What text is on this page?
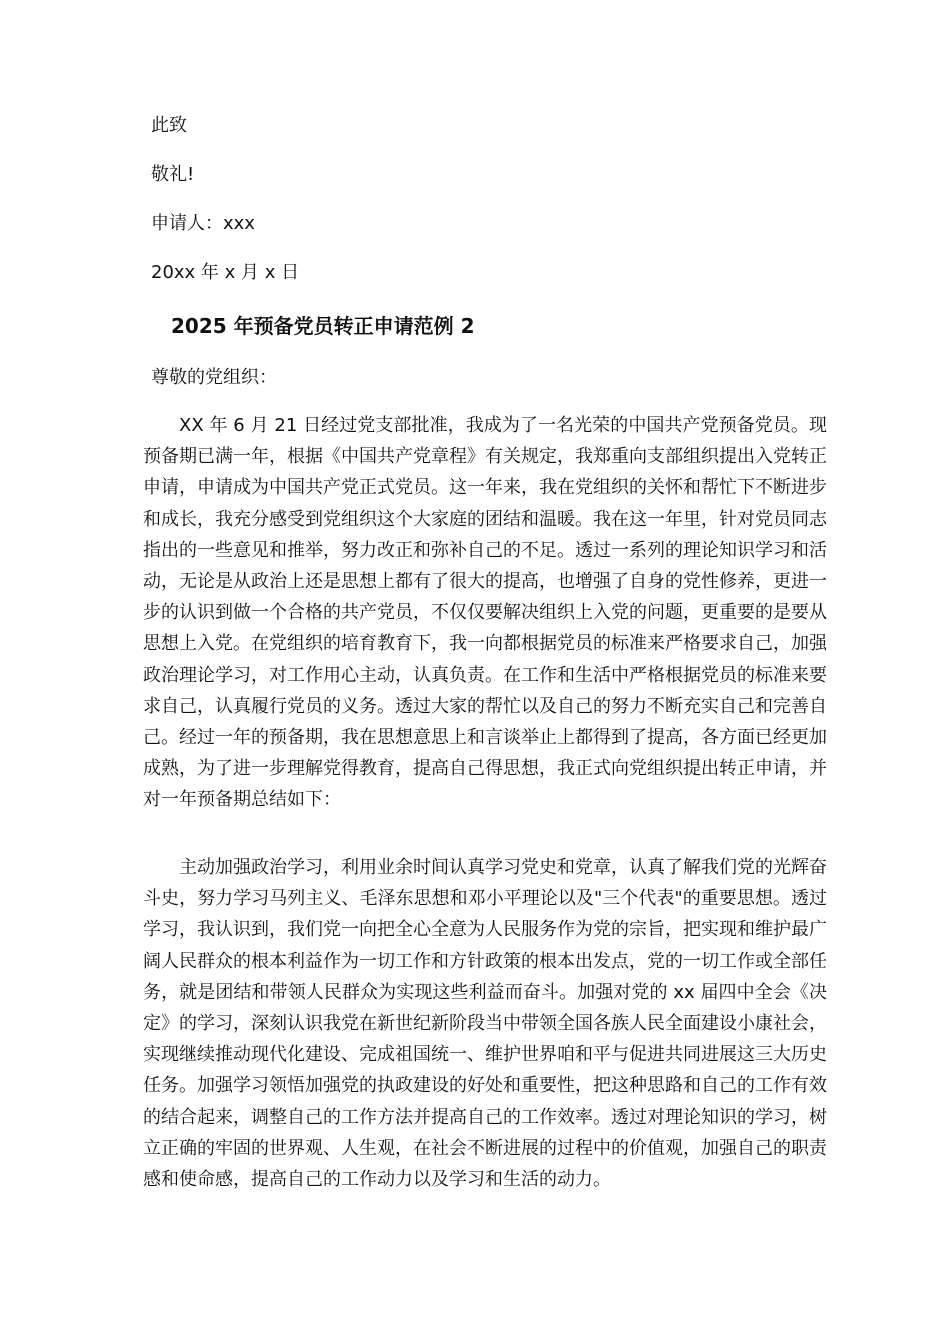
此致
敬礼!
申请人：xxx
20xx 年 x 月 x 日
2025 年预备党员转正申请范例 2
尊敬的党组织：

XX 年 6 月 21 日经过党支部批准，我成为了一名光荣的中国共产党预备党员。现预备期已满一年，根据《中国共产党章程》有关规定，我郑重向支部组织提出入党转正申请，申请成为中国共产党正式党员。这一年来，我在党组织的关怀和帮忙下不断进步和成长，我充分感受到党组织这个大家庭的团结和温暖。我在这一年里，针对党员同志指出的一些意见和推举，努力改正和弥补自己的不足。透过一系列的理论知识学习和活动，无论是从政治上还是思想上都有了很大的提高，也增强了自身的党性修养，更进一步的认识到做一个合格的共产党员，不仅仅要解决组织上入党的问题，更重要的是要从思想上入党。在党组织的培育教育下，我一向都根据党员的标准来严格要求自己，加强政治理论学习，对工作用心主动，认真负责。在工作和生活中严格根据党员的标准来要求自己，认真履行党员的义务。透过大家的帮忙以及自己的努力不断充实自己和完善自己。经过一年的预备期，我在思想意思上和言谈举止上都得到了提高，各方面已经更加成熟，为了进一步理解党得教育，提高自己得思想，我正式向党组织提出转正申请，并对一年预备期总结如下：

主动加强政治学习，利用业余时间认真学习党史和党章，认真了解我们党的光辉奋斗史，努力学习马列主义、毛泽东思想和邓小平理论以及"三个代表"的重要思想。透过学习，我认识到，我们党一向把全心全意为人民服务作为党的宗旨，把实现和维护最广阔人民群众的根本利益作为一切工作和方针政策的根本出发点，党的一切工作或全部任务，就是团结和带领人民群众为实现这些利益而奋斗。加强对党的 xx 届四中全会《决定》的学习，深刻认识我党在新世纪新阶段当中带领全国各族人民全面建设小康社会，实现继续推动现代化建设、完成祖国统一、维护世界咱和平与促进共同进展这三大历史任务。加强学习领悟加强党的执政建设的好处和重要性，把这种思路和自己的工作有效的结合起来，调整自己的工作方法并提高自己的工作效率。透过对理论知识的学习，树立正确的牢固的世界观、人生观，在社会不断进展的过程中的价值观，加强自己的职责感和使命感，提高自己的工作动力以及学习和生活的动力。
